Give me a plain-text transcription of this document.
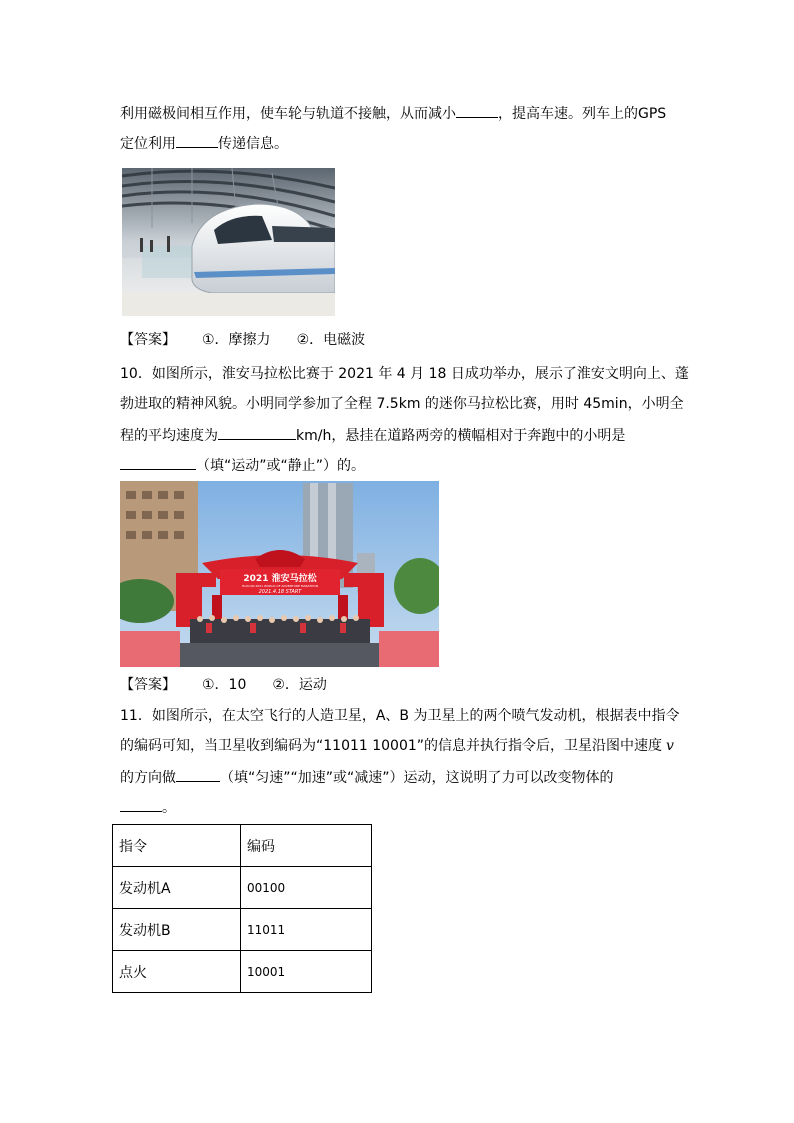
利用磁极间相互作用，使车轮与轨道不接触，从而减小	，提高车速。列车上的GPS
定位利用	传递信息。
【答案】 ①．摩擦力 ②．电磁波
10．如图所示，淮安马拉松比赛于 2021 年 4 月 18 日成功举办，展示了淮安文明向上、蓬
勃进取的精神风貌。小明同学参加了全程 7.5km 的迷你马拉松比赛，用时 45min，小明全
程的平均速度为	km/h，悬挂在道路两旁的横幅相对于奔跑中的小明是
（填“运动”或“静止”）的。
2021 淮安马拉松
HUAI'AN 2021 WORLD OF ADVENTURE MARATHON
2021.4.18 START
【答案】 ①．10 ②．运动
11．如图所示，在太空飞行的人造卫星，A、B 为卫星上的两个喷气发动机，根据表中指令
的编码可知，当卫星收到编码为“11011 10001”的信息并执行指令后，卫星沿图中速度 v
的方向做	（填“匀速”“加速”或“减速”）运动，这说明了力可以改变物体的
。
指令	编码
发动机A	00100
发动机B	11011
点火	10001
